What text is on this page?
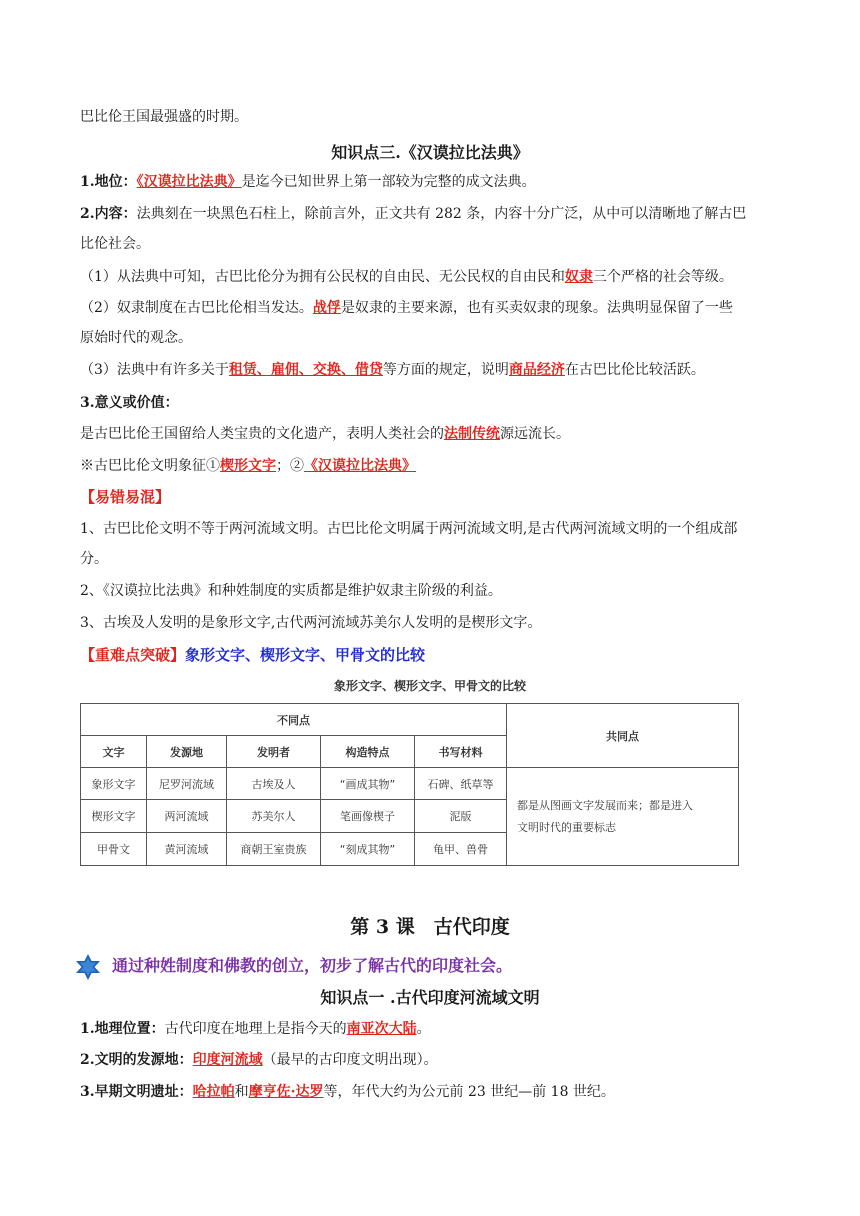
巴比伦王国最强盛的时期。
知识点三.《汉谟拉比法典》
1.地位：《汉谟拉比法典》是迄今已知世界上第一部较为完整的成文法典。
2.内容：法典刻在一块黑色石柱上，除前言外，正文共有 282 条，内容十分广泛，从中可以清晰地了解古巴
比伦社会。
（1）从法典中可知，古巴比伦分为拥有公民权的自由民、无公民权的自由民和奴隶三个严格的社会等级。
（2）奴隶制度在古巴比伦相当发达。战俘是奴隶的主要来源，也有买卖奴隶的现象。法典明显保留了一些
原始时代的观念。
（3）法典中有许多关于租赁、雇佣、交换、借贷等方面的规定，说明商品经济在古巴比伦比较活跃。
3.意义或价值：
是古巴比伦王国留给人类宝贵的文化遗产，表明人类社会的法制传统源远流长。
※古巴比伦文明象征①楔形文字；②《汉谟拉比法典》
【易错易混】
1、古巴比伦文明不等于两河流域文明。古巴比伦文明属于两河流域文明,是古代两河流域文明的一个组成部
分。
2、《汉谟拉比法典》和种姓制度的实质都是维护奴隶主阶级的利益。
3、古埃及人发明的是象形文字,古代两河流域苏美尔人发明的是楔形文字。
【重难点突破】象形文字、楔形文字、甲骨文的比较
象形文字、楔形文字、甲骨文的比较
不同点					共同点
文字	发源地	发明者	构造特点	书写材料	
象形文字	尼罗河流域	古埃及人	“画成其物”	石碑、纸草等	都是从图画文字发展而来；都是进入
文明时代的重要标志

楔形文字	两河流域	苏美尔人	笔画像楔子	泥版	
甲骨文	黄河流域	商朝王室贵族	“刻成其物”	龟甲、兽骨	
第 3 课　古代印度
通过种姓制度和佛教的创立，初步了解古代的印度社会。
知识点一 .古代印度河流域文明
1.地理位置：古代印度在地理上是指今天的南亚次大陆。
2.文明的发源地：印度河流域（最早的古印度文明出现）。
3.早期文明遗址：哈拉帕和摩亨佐·达罗等，年代大约为公元前 23 世纪—前 18 世纪。
